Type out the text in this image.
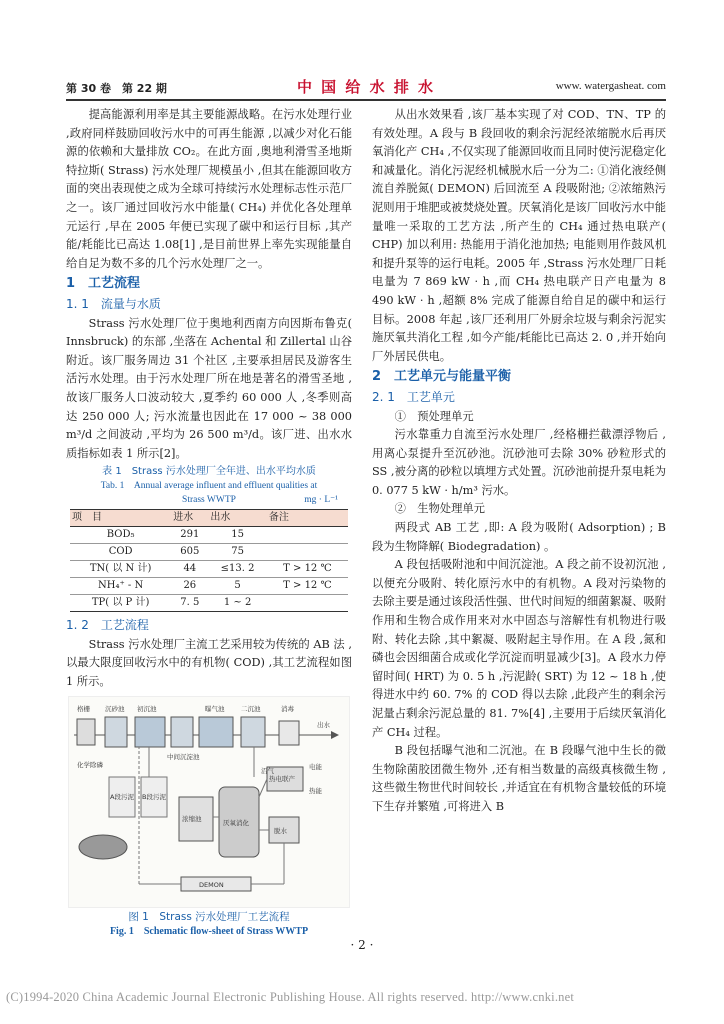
第 30 卷　第 22 期	中 国 给 水 排 水	www. watergasheat. com

提高能源利用率是其主要能源战略。在污水处理行业 ,政府同样鼓励回收污水中的可再生能源 ,以减少对化石能源的依赖和大量排放 CO₂。在此方面 ,奥地利滑雪圣地斯特拉斯( Strass) 污水处理厂规模虽小 ,但其在能源回收方面的突出表现使之成为全球可持续污水处理标志性示范厂之一。该厂通过回收污水中能量( CH₄) 并优化各处理单元运行 ,早在 2005 年便已实现了碳中和运行目标 ,其产能/耗能比已高达 1.08[1] ,是目前世界上率先实现能量自给自足为数不多的几个污水处理厂之一。

1　工艺流程
1. 1　流量与水质

Strass 污水处理厂位于奥地利西南方向因斯布鲁克( Innsbruck) 的东部 ,坐落在 Achental 和 Zillertal 山谷附近。该厂服务周边 31 个社区 ,主要承担居民及游客生活污水处理。由于污水处理厂所在地是著名的滑雪圣地 ,故该厂服务人口波动较大 ,夏季约 60 000 人 ,冬季则高达 250 000 人; 污水流量也因此在 17 000 ~ 38 000 m³/d 之间波动 ,平均为 26 500 m³/d。该厂进、出水水质指标如表 1 所示[2]。

表 1　Strass 污水处理厂全年进、出水平均水质
Tab. 1　Annual average influent and effluent qualities at
Strass WWTP	mg · L⁻¹
项　目	进水	出水	备注
BOD₅	291	15	
COD	605	75	
TN( 以 N 计)	44	≤13. 2	T > 12 ℃
NH₄⁺ - N	26	5	T > 12 ℃
TP( 以 P 计)	7. 5	1 ~ 2	
1. 2　工艺流程

Strass 污水处理厂主流工艺采用较为传统的 AB 法 ,以最大限度回收污水中的有机物( COD) ,其工艺流程如图 1 所示。

格栅 沉砂池 初沉池
中间沉淀池
曝气池	二沉池	消毒
出水
化学除磷
A段污泥 B段污泥
浓缩池	厌氧消化
热电联产
电能
热能
脱水
DEMON
沼气
图 1　Strass 污水处理厂工艺流程
Fig. 1　Schematic flow-sheet of Strass WWTP

从出水效果看 ,该厂基本实现了对 COD、TN、TP 的有效处理。A 段与 B 段回收的剩余污泥经浓缩脱水后再厌氧消化产 CH₄ ,不仅实现了能源回收而且同时使污泥稳定化和减量化。消化污泥经机械脱水后一分为二: ①消化液经侧流自养脱氮( DEMON) 后回流至 A 段吸附池; ②浓缩熟污泥则用于堆肥或被焚烧处置。厌氧消化是该厂回收污水中能量唯一采取的工艺方法 ,所产生的 CH₄ 通过热电联产( CHP) 加以利用: 热能用于消化池加热; 电能则用作鼓风机和提升泵等的运行电耗。2005 年 ,Strass 污水处理厂日耗电量为 7 869 kW · h ,而 CH₄ 热电联产日产电量为 8 490 kW · h ,超额 8% 完成了能源自给自足的碳中和运行目标。2008 年起 ,该厂还利用厂外厨余垃圾与剩余污泥实施厌氧共消化工程 ,如今产能/耗能比已高达 2. 0 ,并开始向厂外居民供电。

2　工艺单元与能量平衡
2. 1　工艺单元
①　预处理单元

污水靠重力自流至污水处理厂 ,经格栅拦截漂浮物后 ,用离心泵提升至沉砂池。沉砂池可去除 30% 砂粒形式的 SS ,被分离的砂粒以填埋方式处置。沉砂池前提升泵电耗为 0. 077 5 kW · h/m³ 污水。

②　生物处理单元

两段式 AB 工艺 ,即: A 段为吸附( Adsorption) ; B 段为生物降解( Biodegradation) 。

A 段包括吸附池和中间沉淀池。A 段之前不设初沉池 ,以便充分吸附、转化原污水中的有机物。A 段对污染物的去除主要是通过该段活性强、世代时间短的细菌絮凝、吸附作用和生物合成作用来对水中固态与溶解性有机物进行吸附、转化去除 ,其中絮凝、吸附起主导作用。在 A 段 ,氮和磷也会因细菌合成或化学沉淀而明显减少[3]。A 段水力停留时间( HRT) 为 0. 5 h ,污泥龄( SRT) 为 12 ~ 18 h ,使得进水中约 60. 7% 的 COD 得以去除 ,此段产生的剩余污泥量占剩余污泥总量的 81. 7%[4] ,主要用于后续厌氧消化产 CH₄ 过程。

B 段包括曝气池和二沉池。在 B 段曝气池中生长的微生物除菌胶团微生物外 ,还有相当数量的高级真核微生物 ,这些微生物世代时间较长 ,并适宜在有机物含量较低的环境下生存并繁殖 ,可将进入 B

· 2 ·
(C)1994-2020 China Academic Journal Electronic Publishing House. All rights reserved. http://www.cnki.net
